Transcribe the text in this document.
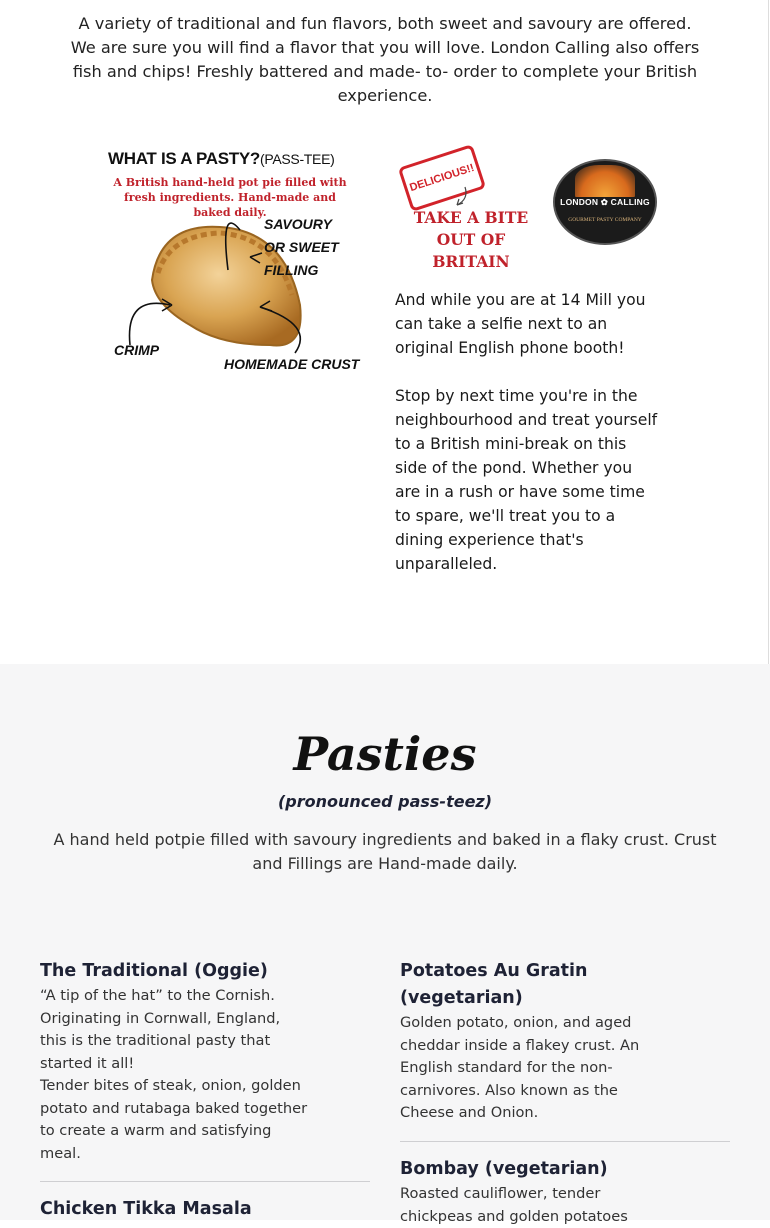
A variety of traditional and fun flavors, both sweet and savoury are offered. We are sure you will find a flavor that you will love. London Calling also offers fish and chips! Freshly battered and made- to- order to complete your British experience.

WHAT IS A PASTY?(PASS-TEE)

A British hand-held pot pie filled with fresh ingredients. Hand-made and baked daily.

SAVOURY OR SWEET FILLING
CRIMP
HOMEMADE CRUST
DELICIOUS!!

TAKE A BITE OUT OF BRITAIN

LONDON ✿ CALLING
GOURMET PASTY COMPANY

And while you are at 14 Mill you can take a selfie next to an original English phone booth!

Stop by next time you're in the neighbourhood and treat yourself to a British mini-break on this side of the pond. Whether you are in a rush or have some time to spare, we'll treat you to a dining experience that's unparalleled.

Pasties

(pronounced pass-teez)

A hand held potpie filled with savoury ingredients and baked in a flaky crust. Crust and Fillings are Hand-made daily.

The Traditional (Oggie)

“A tip of the hat” to the Cornish.
Originating in Cornwall, England, this is the traditional pasty that started it all!
Tender bites of steak, onion, golden potato and rutabaga baked together to create a warm and satisfying meal.

Chicken Tikka Masala
Potatoes Au Gratin (vegetarian)

Golden potato, onion, and aged cheddar inside a flakey crust. An English standard for the non-carnivores. Also known as the Cheese and Onion.

Bombay (vegetarian)

Roasted cauliflower, tender chickpeas and golden potatoes
